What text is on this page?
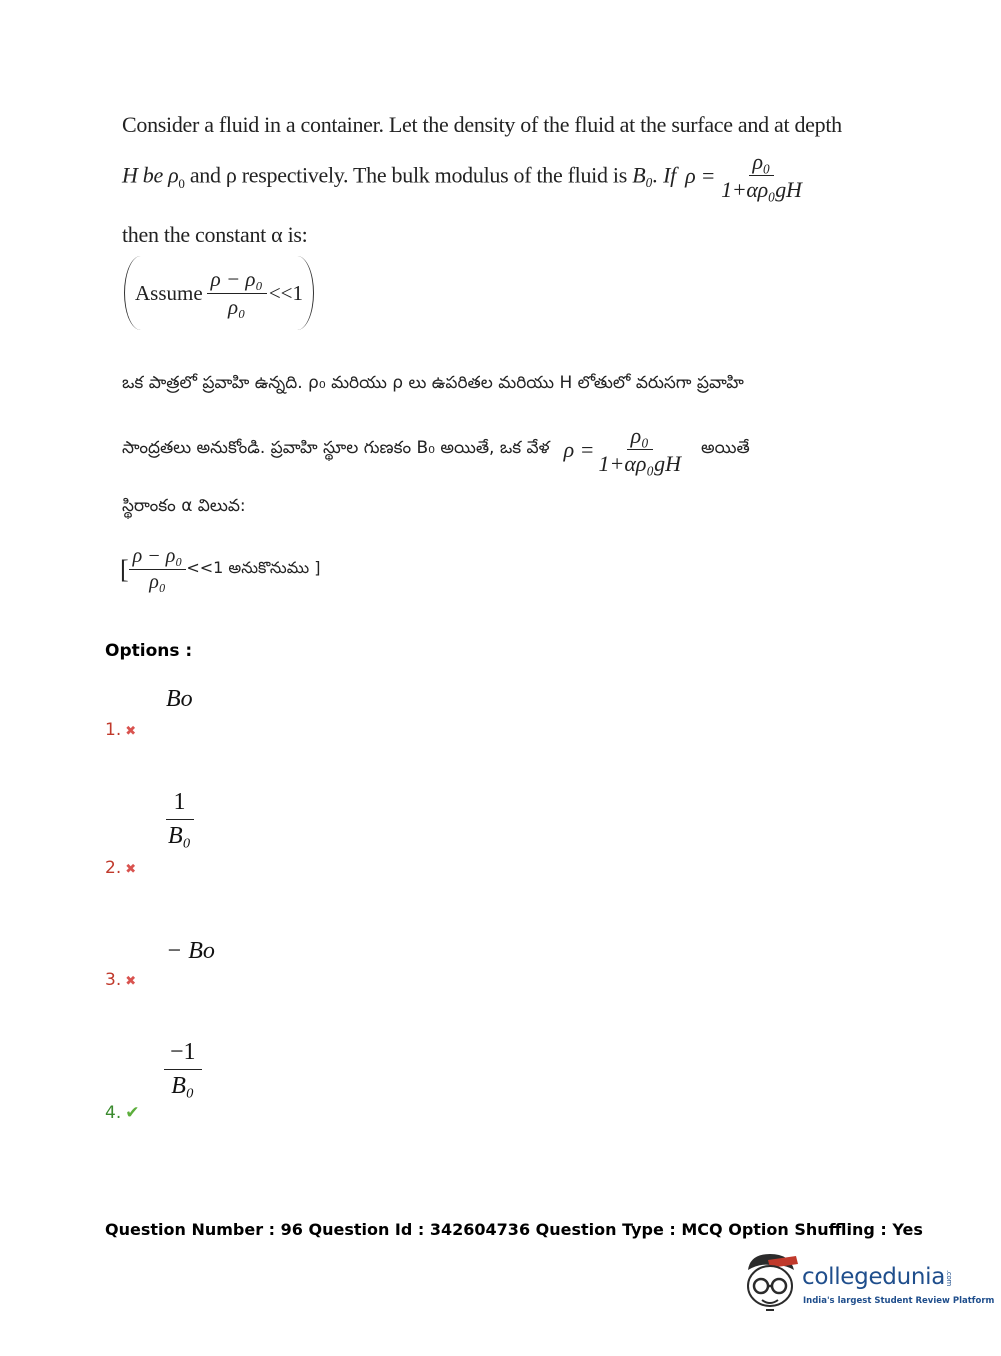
Consider a fluid in a container. Let the density of the fluid at the surface and at depth
H be $\rho_0$ and ρ respectively. The bulk modulus of the fluid is B₀. If $\rho = \frac{\text{ρ₀}}{\text{1+αρ₀gH}}$
then the constant α is:
Assume $\frac{\text{ρ − ρ₀}}{\text{ρ₀}} <<1$
ఒక పాత్రలో ప్రవాహి ఉన్నది. ρ₀ మరియు ρ లు ఉపరితల మరియు H లోతులో వరుసగా ప్రవాహి
సాంద్రతలు అనుకోండి. ప్రవాహి స్థూల గుణకం B₀ అయితే, ఒక వేళ $\rho = \frac{\text{ρ₀}}{\text{1+αρ₀gH}}$ అయితే
స్థిరాంకం α విలువ:
[ $\frac{\text{ρ − ρ₀}}{\text{ρ₀}} <<1$ అనుకొనుము ]
Options :
Bo
1. ✖
$\frac{1}{\text{B₀}}$
2. ✖
− Bo
3. ✖
$\frac{-1}{\text{B₀}}$
4. ✔
Question Number : 96 Question Id : 342604736 Question Type : MCQ Option Shuffling : Yes
collegedunia.com
India's largest Student Review Platform
